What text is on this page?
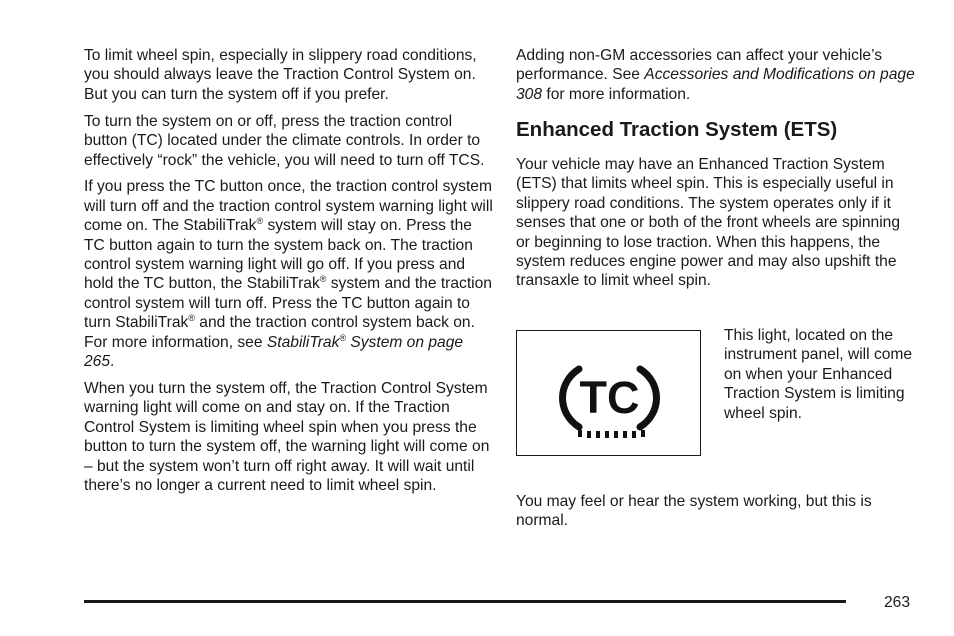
To limit wheel spin, especially in slippery road conditions, you should always leave the Traction Control System on. But you can turn the system off if you prefer.

To turn the system on or off, press the traction control button (TC) located under the climate controls. In order to effectively “rock” the vehicle, you will need to turn off TCS.

If you press the TC button once, the traction control system will turn off and the traction control system warning light will come on. The StabiliTrak® system will stay on. Press the TC button again to turn the system back on. The traction control system warning light will go off. If you press and hold the TC button, the StabiliTrak® system and the traction control system will turn off. Press the TC button again to turn StabiliTrak® and the traction control system back on. For more information, see StabiliTrak® System on page 265.

When you turn the system off, the Traction Control System warning light will come on and stay on. If the Traction Control System is limiting wheel spin when you press the button to turn the system off, the warning light will come on – but the system won’t turn off right away. It will wait until there’s no longer a current need to limit wheel spin.

Adding non-GM accessories can affect your vehicle’s performance. See Accessories and Modifications on page 308 for more information.

Enhanced Traction System (ETS)

Your vehicle may have an Enhanced Traction System (ETS) that limits wheel spin. This is especially useful in slippery road conditions. The system operates only if it senses that one or both of the front wheels are spinning or beginning to lose traction. When this happens, the system reduces engine power and may also upshift the transaxle to limit wheel spin.

TC

This light, located on the instrument panel, will come on when your Enhanced Traction System is limiting wheel spin.

You may feel or hear the system working, but this is normal.

263
